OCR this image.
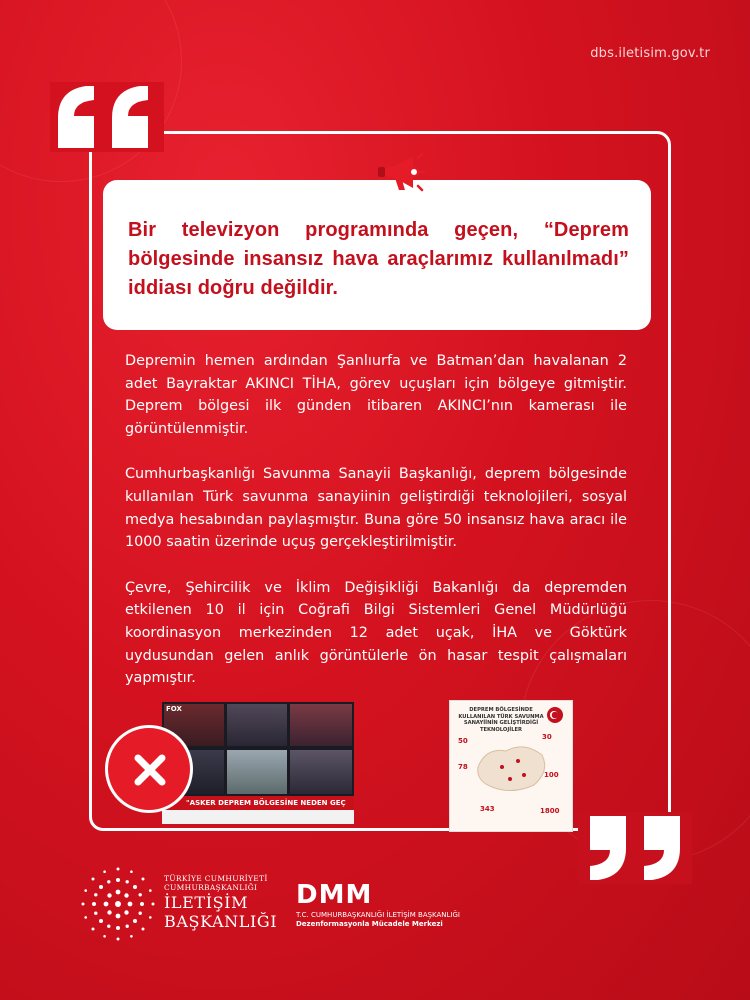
dbs.iletisim.gov.tr
Bir televizyon programında geçen, “Deprem bölgesinde insansız hava araçlarımız kullanılmadı” iddiası doğru değildir.

Depremin hemen ardından Şanlıurfa ve Batman’dan havalanan 2 adet Bayraktar AKINCI TİHA, görev uçuşları için bölgeye gitmiştir. Deprem bölgesi ilk günden itibaren AKINCI’nın kamerası ile görüntülenmiştir.

Cumhurbaşkanlığı Savunma Sanayii Başkanlığı, deprem bölgesinde kullanılan Türk savunma sanayiinin geliştirdiği teknolojileri, sosyal medya hesabından paylaşmıştır. Buna göre 50 insansız hava aracı ile 1000 saatin üzerinde uçuş gerçekleştirilmiştir.

Çevre, Şehircilik ve İklim Değişikliği Bakanlığı da depremden etkilenen 10 il için Coğrafi Bilgi Sistemleri Genel Müdürlüğü koordinasyon merkezinden 12 adet uçak, İHA ve Göktürk uydusundan gelen anlık görüntülerle ön hasar tespit çalışmaları yapmıştır.

FOX
"ASKER DEPREM BÖLGESİNE NEDEN GEÇ
DEPREM BÖLGESİNDE KULLANILAN TÜRK SAVUNMA SANAYİİNİN GELİŞTİRDİĞİ TEKNOLOJİLER
50	30
78
100
343	1800
TÜRKİYE CUMHURİYETİ
CUMHURBAŞKANLIĞI
İLETİŞİM
BAŞKANLIĞI
DMM
T.C. CUMHURBAŞKANLIĞI İLETİŞİM BAŞKANLIĞI
Dezenformasyonla Mücadele Merkezi
